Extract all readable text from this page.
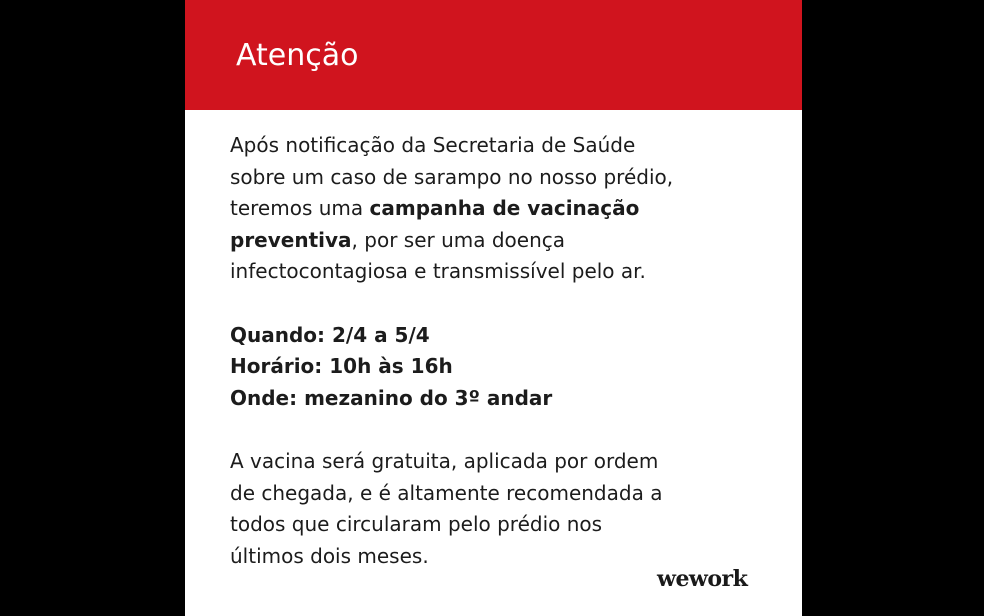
Atenção

Após notificação da Secretaria de Saúde
sobre um caso de sarampo no nosso prédio,
teremos uma campanha de vacinação
preventiva, por ser uma doença
infectocontagiosa e transmissível pelo ar.

Quando: 2/4 a 5/4
Horário: 10h às 16h
Onde: mezanino do 3º andar

A vacina será gratuita, aplicada por ordem
de chegada, e é altamente recomendada a
todos que circularam pelo prédio nos
últimos dois meses.

wework
